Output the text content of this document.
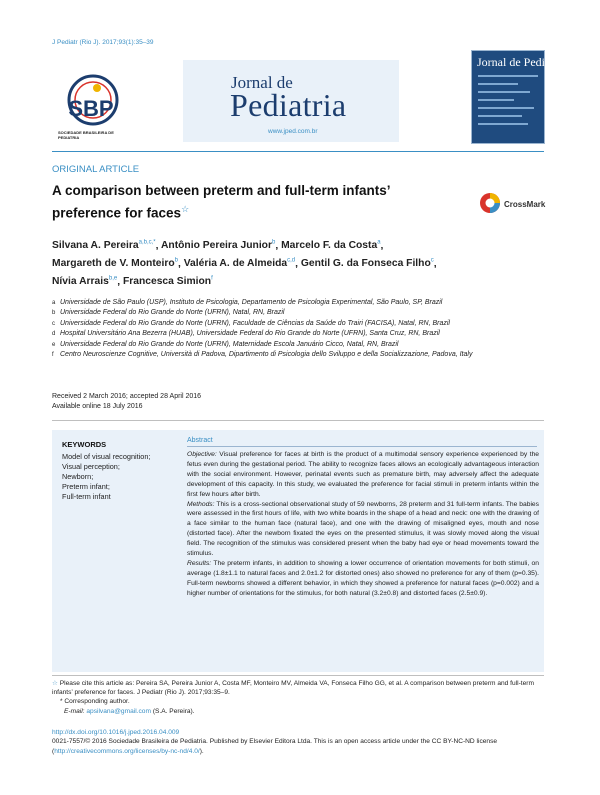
J Pediatr (Rio J). 2017;93(1):35–39
SBP
SOCIEDADE BRASILEIRA DE PEDIATRIA
Jornal de
Pediatria
www.jped.com.br
Jornal de Pediatria
ORIGINAL ARTICLE
A comparison between preterm and full-term infants’ preference for faces☆	CrossMark
Silvana A. Pereira$^{a,b,c,*}$, Antônio Pereira Junior$^b$, Marcelo F. da Costa$^a$,
Margareth de V. Monteiro$^b$, Valéria A. de Almeida$^{c,d}$, Gentil G. da Fonseca Filho$^c$,
Nívia Arrais$^{b,e}$, Francesca Simion$^f$
a Universidade de São Paulo (USP), Instituto de Psicologia, Departamento de Psicologia Experimental, São Paulo, SP, Brazil
b Universidade Federal do Rio Grande do Norte (UFRN), Natal, RN, Brazil
c Universidade Federal do Rio Grande do Norte (UFRN), Faculdade de Ciências da Saúde do Trairi (FACISA), Natal, RN, Brazil
d Hospital Universitário Ana Bezerra (HUAB), Universidade Federal do Rio Grande do Norte (UFRN), Santa Cruz, RN, Brazil
e Universidade Federal do Rio Grande do Norte (UFRN), Maternidade Escola Januário Cicco, Natal, RN, Brazil
f Centro Neuroscienze Cognitive, Università di Padova, Dipartimento di Psicologia dello Sviluppo e della Socializzazione, Padova, Italy
Received 2 March 2016; accepted 28 April 2016
Available online 18 July 2016
KEYWORDS
Model of visual recognition;
Visual perception;
Newborn;
Preterm infant;
Full-term infant
Abstract

Objective: Visual preference for faces at birth is the product of a multimodal sensory experience experienced by the fetus even during the gestational period. The ability to recognize faces allows an ecologically advantageous interaction with the social environment. However, perinatal events such as premature birth, may adversely affect the adequate development of this capacity. In this study, we evaluated the preference for facial stimuli in preterm infants within the first few hours after birth.

Methods: This is a cross-sectional observational study of 59 newborns, 28 preterm and 31 full-term infants. The babies were assessed in the first hours of life, with two white boards in the shape of a head and neck: one with the drawing of a face similar to the human face (natural face), and one with the drawing of misaligned eyes, mouth and nose (distorted face). After the newborn fixated the eyes on the presented stimulus, it was slowly moved along the visual field. The recognition of the stimulus was considered present when the baby had eye or head movements toward the stimulus.

Results: The preterm infants, in addition to showing a lower occurrence of orientation movements for both stimuli, on average (1.8±1.1 to natural faces and 2.0±1.2 for distorted ones) also showed no preference for any of them (p=0.35). Full-term newborns showed a different behavior, in which they showed a preference for natural faces (p=0.002) and a higher number of orientations for the stimulus, for both natural (3.2±0.8) and distorted faces (2.5±0.9).

☆ Please cite this article as: Pereira SA, Pereira Junior A, Costa MF, Monteiro MV, Almeida VA, Fonseca Filho GG, et al. A comparison between preterm and full-term infants’ preference for faces. J Pediatr (Rio J). 2017;93:35–9.
* Corresponding author.
E-mail: apsilvana@gmail.com (S.A. Pereira).
http://dx.doi.org/10.1016/j.jped.2016.04.009
0021-7557/© 2016 Sociedade Brasileira de Pediatria. Published by Elsevier Editora Ltda. This is an open access article under the CC BY-NC-ND license (http://creativecommons.org/licenses/by-nc-nd/4.0/).
